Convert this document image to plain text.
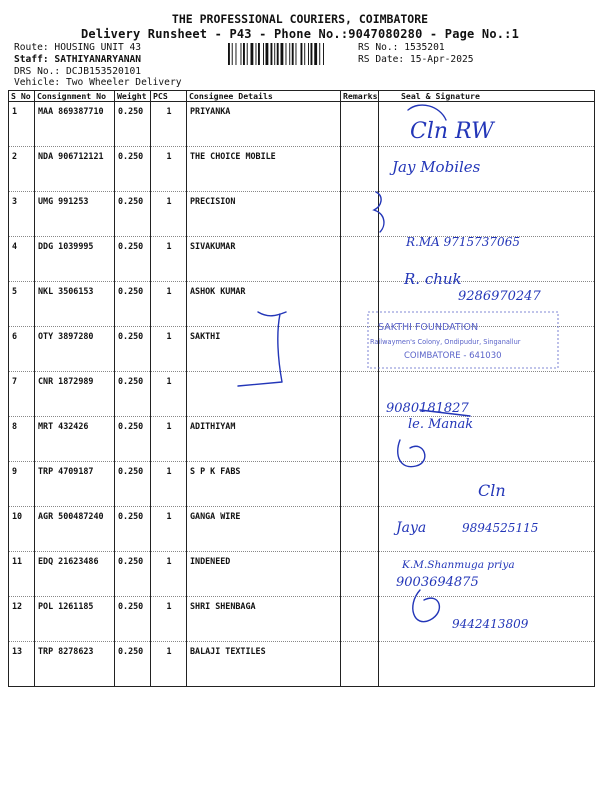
THE PROFESSIONAL COURIERS, COIMBATORE
Delivery Runsheet - P43 - Phone No.:9047080280 - Page No.:1
Route: HOUSING UNIT 43
Staff: SATHIYANARYANAN
DRS No.: DCJB153520101
Vehicle: Two Wheeler Delivery
RS No.: 1535201
RS Date: 15-Apr-2025
S No	Consignment No	Weight	PCS	Consignee Details	Remarks	Seal & Signature
1	MAA 869387710	0.250	1	PRIYANKA		
2	NDA 906712121	0.250	1	THE CHOICE MOBILE		
3	UMG 991253	0.250	1	PRECISION		
4	DDG 1039995	0.250	1	SIVAKUMAR		
5	NKL 3506153	0.250	1	ASHOK KUMAR		
6	OTY 3897280	0.250	1	SAKTHI		
7	CNR 1872989	0.250	1			
8	MRT 432426	0.250	1	ADITHIYAM		
9	TRP 4709187	0.250	1	S P K FABS		
10	AGR 500487240	0.250	1	GANGA WIRE		
11	EDQ 21623486	0.250	1	INDENEED		
12	POL 1261185	0.250	1	SHRI SHENBAGA		
13	TRP 8278623	0.250	1	BALAJI TEXTILES		
Cln RW
Jay Mobiles
R.MA 9715737065
R. chuk
9286970247
9080181827
le. Manak
Cln
Jaya	9894525115
K.M.Shanmuga priya
9003694875
9442413809
SAKTHI FOUNDATION
Railwaymen's Colony, Ondipudur, Singanallur
COIMBATORE - 641030
